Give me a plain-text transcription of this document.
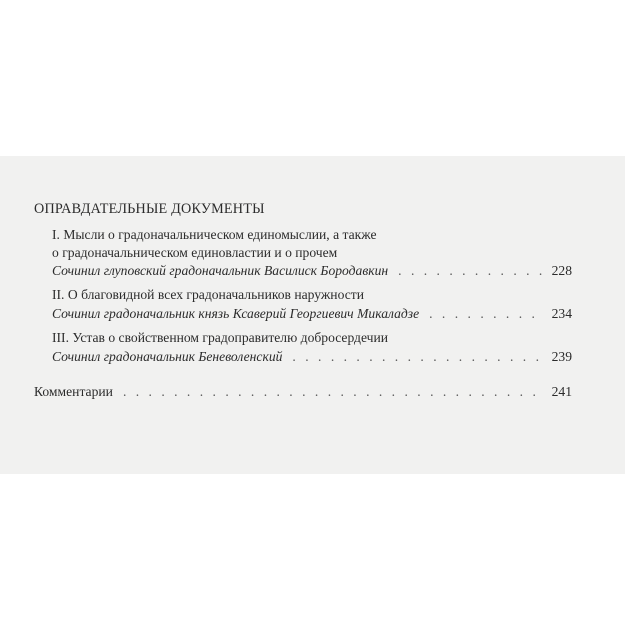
ОПРАВДАТЕЛЬНЫЕ ДОКУМЕНТЫ
I. Мысли о градоначальническом единомыслии, а также
о градоначальническом единовластии и о прочем
Сочинил глуповский градоначальник Василиск Бородавкин . . .	228
II. О благовидной всех градоначальников наружности
Сочинил градоначальник князь Ксаверий Георгиевич Микаладзе . . .	234
III. Устав о свойственном градоправителю добросердечии
Сочинил градоначальник Беневоленский . . .	239
Комментарии . . .	241
